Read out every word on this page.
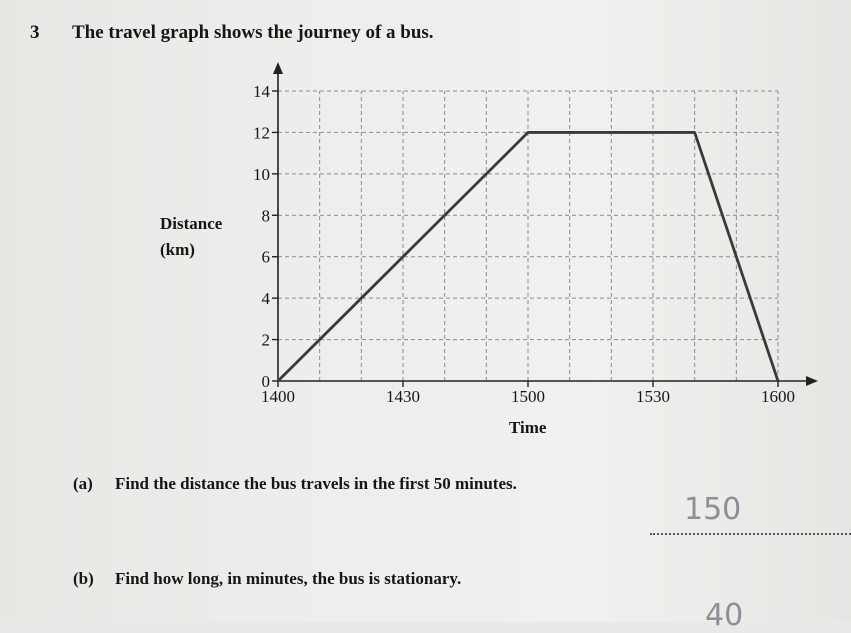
3 The travel graph shows the journey of a bus.
0
2
4
6
8
10
12
14
1400	1430	1500	1530	1600
Distance
(km)
Time
(a) Find the distance the bus travels in the first 50 minutes.
150
(b) Find how long, in minutes, the bus is stationary.
40
